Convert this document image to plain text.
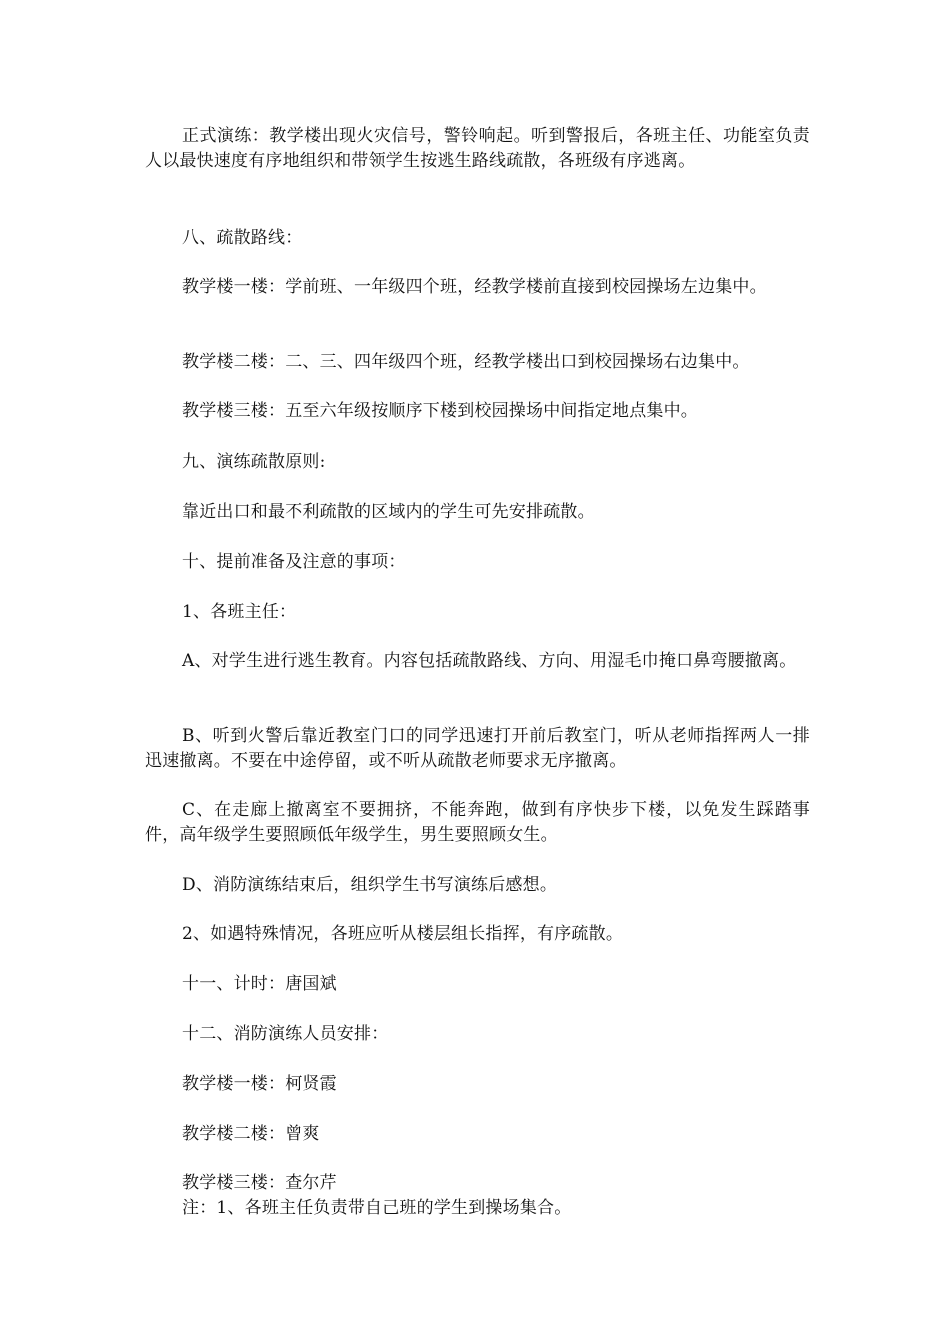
正式演练：教学楼出现火灾信号，警铃响起。听到警报后，各班主任、功能室负责人以最快速度有序地组织和带领学生按逃生路线疏散，各班级有序逃离。

八、疏散路线：

教学楼一楼：学前班、一年级四个班，经教学楼前直接到校园操场左边集中。

教学楼二楼：二、三、四年级四个班，经教学楼出口到校园操场右边集中。

教学楼三楼：五至六年级按顺序下楼到校园操场中间指定地点集中。

九、演练疏散原则:

靠近出口和最不利疏散的区域内的学生可先安排疏散。

十、提前准备及注意的事项：

1、各班主任：

A、对学生进行逃生教育。内容包括疏散路线、方向、用湿毛巾掩口鼻弯腰撤离。

B、听到火警后靠近教室门口的同学迅速打开前后教室门，听从老师指挥两人一排迅速撤离。不要在中途停留，或不听从疏散老师要求无序撤离。

C、在走廊上撤离室不要拥挤，不能奔跑，做到有序快步下楼，以免发生踩踏事件，高年级学生要照顾低年级学生，男生要照顾女生。

D、消防演练结束后，组织学生书写演练后感想。

2、如遇特殊情况，各班应听从楼层组长指挥，有序疏散。

十一、计时：唐国斌

十二、消防演练人员安排：

教学楼一楼：柯贤霞

教学楼二楼：曾爽

教学楼三楼：查尔芹

注：1、各班主任负责带自己班的学生到操场集合。
